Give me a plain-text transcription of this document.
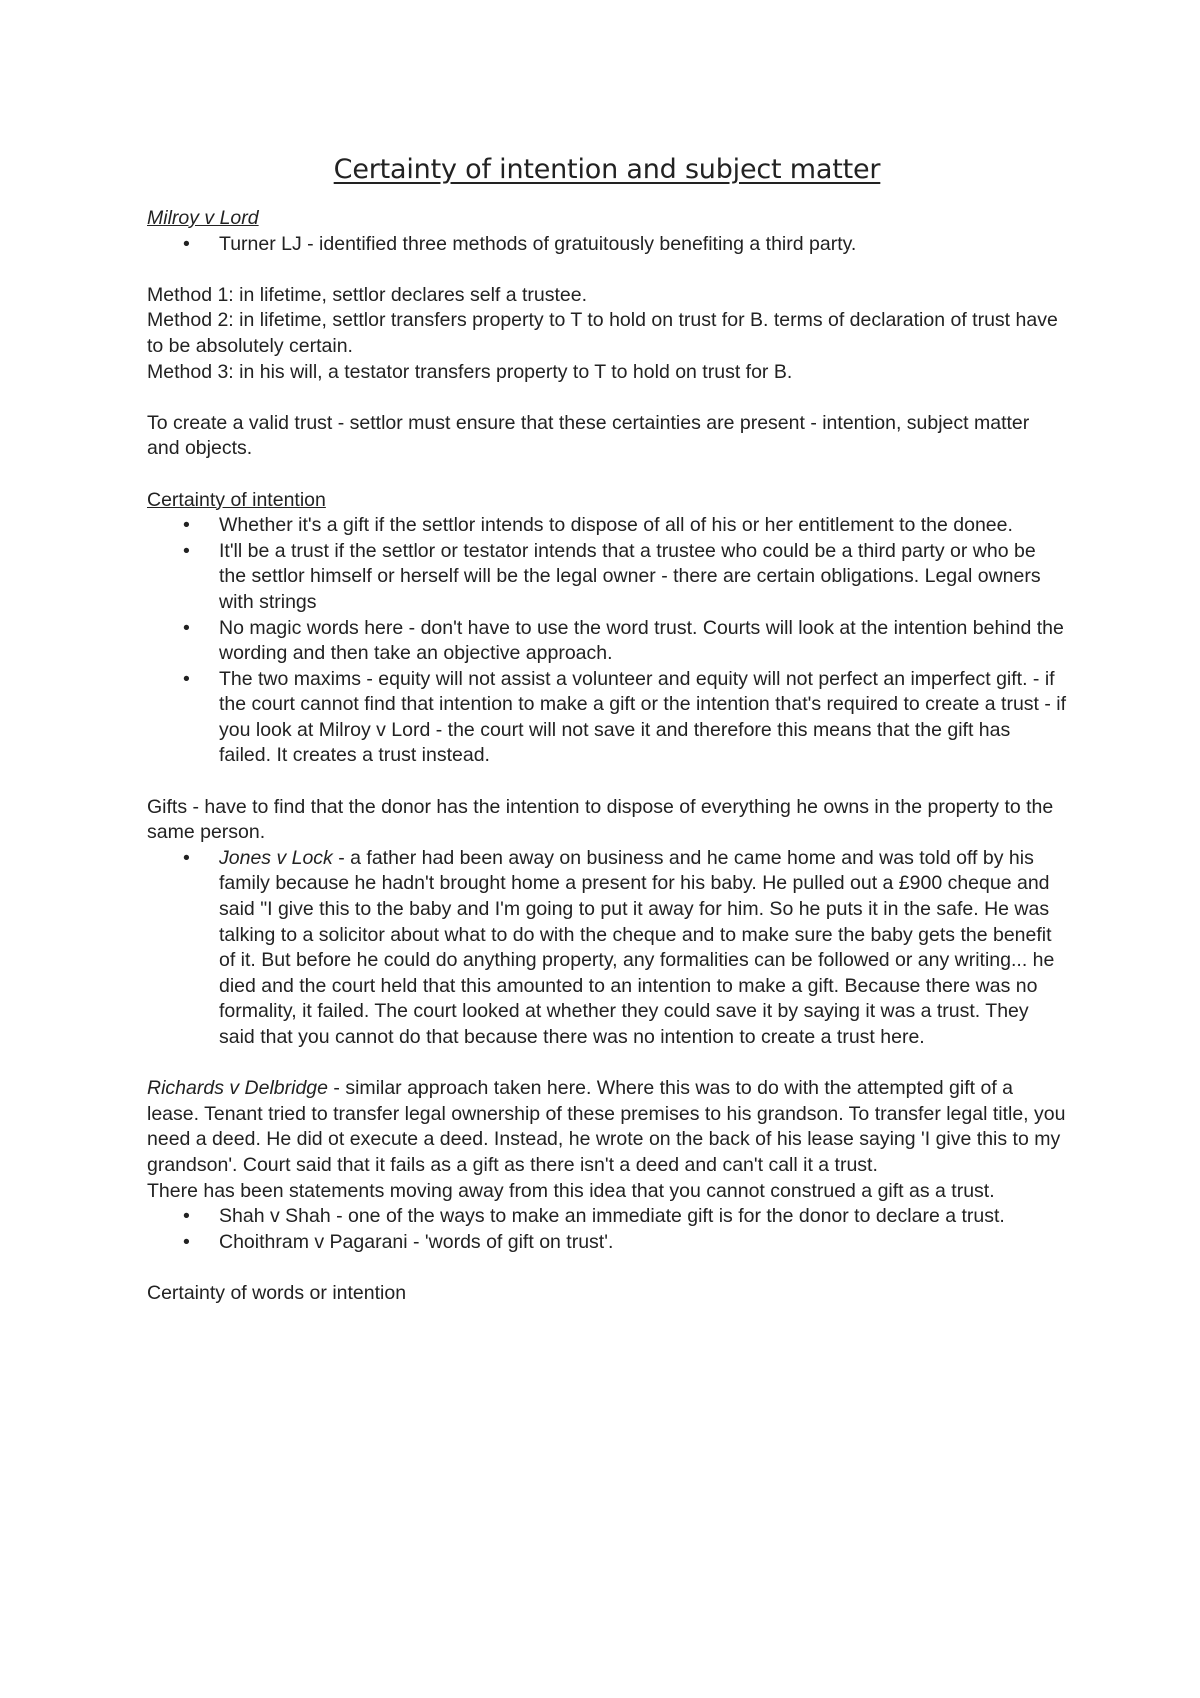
Certainty of intention and subject matter

Milroy v Lord

• Turner LJ - identified three methods of gratuitously benefiting a third party.

Method 1: in lifetime, settlor declares self a trustee.

Method 2: in lifetime, settlor transfers property to T to hold on trust for B. terms of declaration of trust have to be absolutely certain.

Method 3: in his will, a testator transfers property to T to hold on trust for B.

To create a valid trust - settlor must ensure that these certainties are present - intention, subject matter and objects.

Certainty of intention

• Whether it's a gift if the settlor intends to dispose of all of his or her entitlement to the donee.
• It'll be a trust if the settlor or testator intends that a trustee who could be a third party or who be the settlor himself or herself will be the legal owner - there are certain obligations. Legal owners with strings
• No magic words here - don't have to use the word trust. Courts will look at the intention behind the wording and then take an objective approach.
• The two maxims - equity will not assist a volunteer and equity will not perfect an imperfect gift. - if the court cannot find that intention to make a gift or the intention that's required to create a trust - if you look at Milroy v Lord - the court will not save it and therefore this means that the gift has failed. It creates a trust instead.

Gifts - have to find that the donor has the intention to dispose of everything he owns in the property to the same person.

• Jones v Lock - a father had been away on business and he came home and was told off by his family because he hadn't brought home a present for his baby. He pulled out a £900 cheque and said "I give this to the baby and I'm going to put it away for him. So he puts it in the safe. He was talking to a solicitor about what to do with the cheque and to make sure the baby gets the benefit of it. But before he could do anything property, any formalities can be followed or any writing... he died and the court held that this amounted to an intention to make a gift. Because there was no formality, it failed. The court looked at whether they could save it by saying it was a trust. They said that you cannot do that because there was no intention to create a trust here.

Richards v Delbridge - similar approach taken here. Where this was to do with the attempted gift of a lease. Tenant tried to transfer legal ownership of these premises to his grandson. To transfer legal title, you need a deed. He did ot execute a deed. Instead, he wrote on the back of his lease saying 'I give this to my grandson'. Court said that it fails as a gift as there isn't a deed and can't call it a trust.

There has been statements moving away from this idea that you cannot construed a gift as a trust.

• Shah v Shah - one of the ways to make an immediate gift is for the donor to declare a trust.
• Choithram v Pagarani - 'words of gift on trust'.

Certainty of words or intention
